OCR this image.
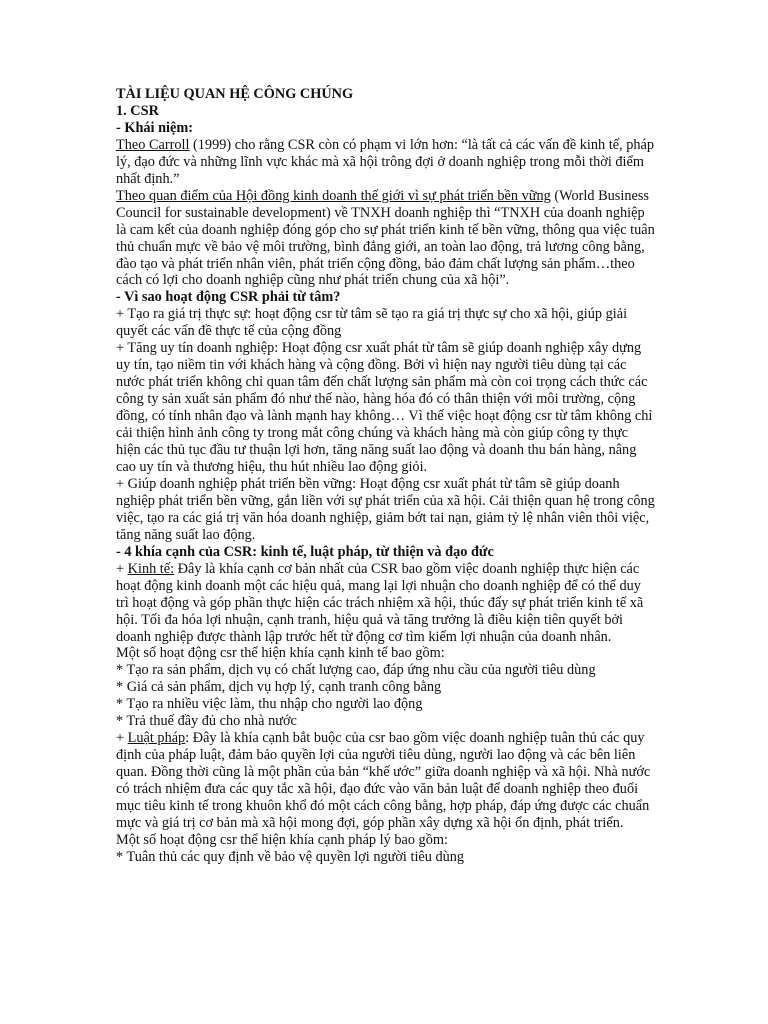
TÀI LIỆU QUAN HỆ CÔNG CHÚNG

1. CSR

- Khái niệm:

Theo Carroll (1999) cho rằng CSR còn có phạm vi lớn hơn: “là tất cả các vấn đề kinh tế, pháp lý, đạo đức và những lĩnh vực khác mà xã hội trông đợi ở doanh nghiệp trong mỗi thời điểm nhất định.”

Theo quan điểm của Hội đồng kinh doanh thế giới vì sự phát triển bền vững (World Business Council for sustainable development) về TNXH doanh nghiệp thì “TNXH của doanh nghiệp là cam kết của doanh nghiệp đóng góp cho sự phát triển kinh tế bền vững, thông qua việc tuân thủ chuẩn mực về bảo vệ môi trường, bình đẳng giới, an toàn lao động, trả lương công bằng, đào tạo và phát triển nhân viên, phát triển cộng đồng, bảo đảm chất lượng sản phẩm…theo cách có lợi cho doanh nghiệp cũng như phát triển chung của xã hội”.

- Vì sao hoạt động CSR phải từ tâm?

+ Tạo ra giá trị thực sự: hoạt động csr từ tâm sẽ tạo ra giá trị thực sự cho xã hội, giúp giải quyết các vấn đề thực tế của cộng đồng

+ Tăng uy tín doanh nghiệp: Hoạt động csr xuất phát từ tâm sẽ giúp doanh nghiệp xây dựng uy tín, tạo niềm tin với khách hàng và cộng đồng. Bởi vì hiện nay người tiêu dùng tại các nước phát triển không chỉ quan tâm đến chất lượng sản phẩm mà còn coi trọng cách thức các công ty sản xuất sản phẩm đó như thế nào, hàng hóa đó có thân thiện với môi trường, cộng đồng, có tính nhân đạo và lành mạnh hay không… Vì thế việc hoạt động csr từ tâm không chỉ cải thiện hình ảnh công ty trong mắt công chúng và khách hàng mà còn giúp công ty thực hiện các thủ tục đầu tư thuận lợi hơn, tăng năng suất lao động và doanh thu bán hàng, nâng cao uy tín và thương hiệu, thu hút nhiều lao động giỏi.

+ Giúp doanh nghiệp phát triển bền vững: Hoạt động csr xuất phát từ tâm sẽ giúp doanh nghiệp phát triển bền vững, gắn liền với sự phát triển của xã hội. Cải thiện quan hệ trong công việc, tạo ra các giá trị văn hóa doanh nghiệp, giảm bớt tai nạn, giảm tỷ lệ nhân viên thôi việc, tăng năng suất lao động.

- 4 khía cạnh của CSR: kinh tế, luật pháp, từ thiện và đạo đức

+ Kinh tế: Đây là khía cạnh cơ bản nhất của CSR bao gồm việc doanh nghiệp thực hiện các hoạt động kinh doanh một các hiệu quả, mang lại lợi nhuận cho doanh nghiệp để có thể duy trì hoạt động và góp phần thực hiện các trách nhiệm xã hội, thúc đẩy sự phát triển kinh tế xã hội. Tối đa hóa lợi nhuận, cạnh tranh, hiệu quả và tăng trưởng là điều kiện tiên quyết bởi doanh nghiệp được thành lập trước hết từ động cơ tìm kiếm lợi nhuận của doanh nhân.

Một số hoạt động csr thể hiện khía cạnh kinh tế bao gồm:

* Tạo ra sản phẩm, dịch vụ có chất lượng cao, đáp ứng nhu cầu của người tiêu dùng

* Giá cả sản phẩm, dịch vụ hợp lý, cạnh tranh công bằng

* Tạo ra nhiều việc làm, thu nhập cho người lao động

* Trả thuế đầy đủ cho nhà nước

+ Luật pháp: Đây là khía cạnh bắt buộc của csr bao gồm việc doanh nghiệp tuân thủ các quy định của pháp luật, đảm bảo quyền lợi của người tiêu dùng, người lao động và các bên liên quan. Đồng thời cũng là một phần của bản “khế ước” giữa doanh nghiệp và xã hội. Nhà nước có trách nhiệm đưa các quy tắc xã hội, đạo đức vào văn bản luật để doanh nghiệp theo đuổi mục tiêu kinh tế trong khuôn khổ đó một cách công bằng, hợp pháp, đáp ứng được các chuẩn mực và giá trị cơ bản mà xã hội mong đợi, góp phần xây dựng xã hội ổn định, phát triển.

Một số hoạt động csr thể hiện khía cạnh pháp lý bao gồm:

* Tuân thủ các quy định về bảo vệ quyền lợi người tiêu dùng
